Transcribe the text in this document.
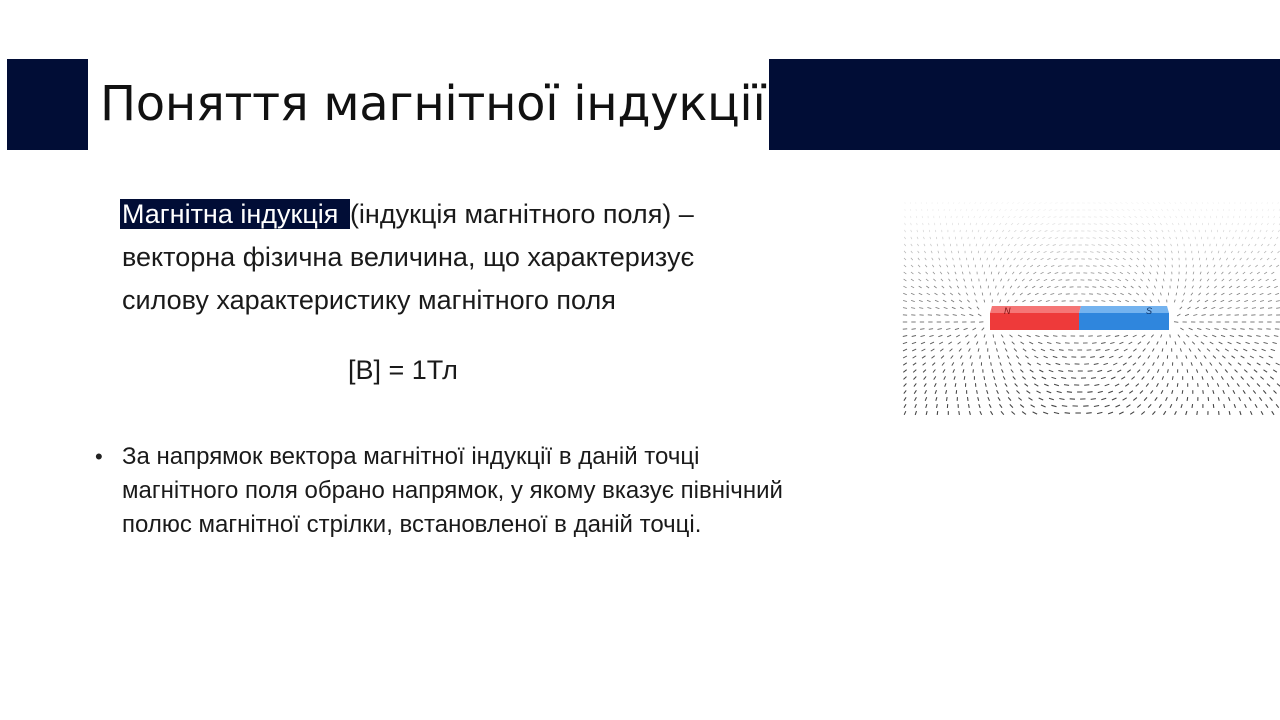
Поняття магнітної індукції
Магнітна індукція (індукція магнітного поля) –
векторна фізична величина, що характеризує
силову характеристику магнітного поля
[B] = 1Тл
• За напрямок вектора магнітної індукції в даній точці
магнітного поля обрано напрямок, у якому вказує північний
полюс магнітної стрілки, встановленої в даній точці.
N	S
